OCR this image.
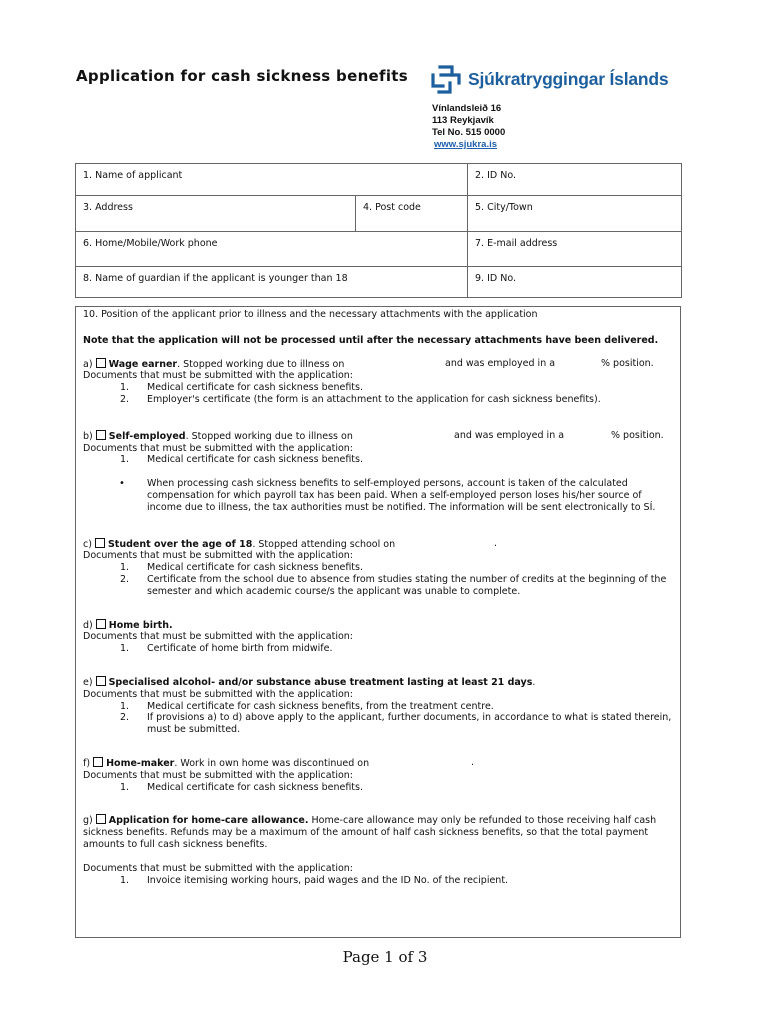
Application for cash sickness benefits	Sjúkratryggingar Íslands
Vínlandsleið 16
113 Reykjavík
Tel No. 515 0000
www.sjukra.is
1. Name of applicant		2. ID No.
3. Address	4. Post code	5. City/Town
6. Home/Mobile/Work phone		7. E-mail address
8. Name of guardian if the applicant is younger than 18		9. ID No.

10. Position of the applicant prior to illness and the necessary attachments with the application

Note that the application will not be processed until after the necessary attachments have been delivered.

a) Wage earner. Stopped working due to illness on	and was employed in a	% position.

Documents that must be submitted with the application:

1. Medical certificate for cash sickness benefits.
2. Employer's certificate (the form is an attachment to the application for cash sickness benefits).
b) Self-employed. Stopped working due to illness on	and was employed in a	% position.

Documents that must be submitted with the application:

1. Medical certificate for cash sickness benefits.
• When processing cash sickness benefits to self-employed persons, account is taken of the calculated compensation for which payroll tax has been paid. When a self-employed person loses his/her source of income due to illness, the tax authorities must be notified. The information will be sent electronically to SÍ.
c) Student over the age of 18. Stopped attending school on	.

Documents that must be submitted with the application:

1. Medical certificate for cash sickness benefits.
2. Certificate from the school due to absence from studies stating the number of credits at the beginning of the semester and which academic course/s the applicant was unable to complete.
d) Home birth.

Documents that must be submitted with the application:

1. Certificate of home birth from midwife.
e) Specialised alcohol- and/or substance abuse treatment lasting at least 21 days.

Documents that must be submitted with the application:

1. Medical certificate for cash sickness benefits, from the treatment centre.
2. If provisions a) to d) above apply to the applicant, further documents, in accordance to what is stated therein, must be submitted.
f) Home-maker. Work in own home was discontinued on	.

Documents that must be submitted with the application:

1. Medical certificate for cash sickness benefits.

g) Application for home-care allowance. Home-care allowance may only be refunded to those receiving half cash sickness benefits. Refunds may be a maximum of the amount of half cash sickness benefits, so that the total payment amounts to full cash sickness benefits.

Documents that must be submitted with the application:

1. Invoice itemising working hours, paid wages and the ID No. of the recipient.
Page 1 of 3
